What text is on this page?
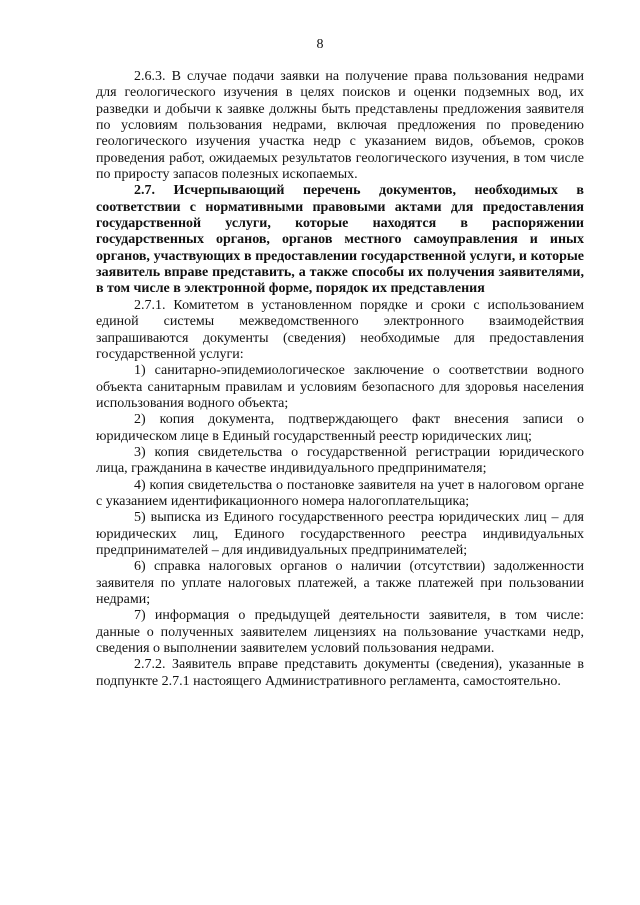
8

2.6.3. В случае подачи заявки на получение права пользования недрами для геологического изучения в целях поисков и оценки подземных вод, их разведки и добычи к заявке должны быть представлены предложения заявителя по условиям пользования недрами, включая предложения по проведению геологического изучения участка недр с указанием видов, объемов, сроков проведения работ, ожидаемых результатов геологического изучения, в том числе по приросту запасов полезных ископаемых.

2.7. Исчерпывающий перечень документов, необходимых в соответствии с нормативными правовыми актами для предоставления государственной услуги, которые находятся в распоряжении государственных органов, органов местного самоуправления и иных органов, участвующих в предоставлении государственной услуги, и которые заявитель вправе представить, а также способы их получения заявителями, в том числе в электронной форме, порядок их представления

2.7.1. Комитетом в установленном порядке и сроки с использованием единой системы межведомственного электронного взаимодействия запрашиваются документы (сведения) необходимые для предоставления государственной услуги:

1) санитарно-эпидемиологическое заключение о соответствии водного объекта санитарным правилам и условиям безопасного для здоровья населения использования водного объекта;

2) копия документа, подтверждающего факт внесения записи о юридическом лице в Единый государственный реестр юридических лиц;

3) копия свидетельства о государственной регистрации юридического лица, гражданина в качестве индивидуального предпринимателя;

4) копия свидетельства о постановке заявителя на учет в налоговом органе с указанием идентификационного номера налогоплательщика;

5) выписка из Единого государственного реестра юридических лиц – для юридических лиц, Единого государственного реестра индивидуальных предпринимателей – для индивидуальных предпринимателей;

6) справка налоговых органов о наличии (отсутствии) задолженности заявителя по уплате налоговых платежей, а также платежей при пользовании недрами;

7) информация о предыдущей деятельности заявителя, в том числе: данные о полученных заявителем лицензиях на пользование участками недр, сведения о выполнении заявителем условий пользования недрами.

2.7.2. Заявитель вправе представить документы (сведения), указанные в подпункте 2.7.1 настоящего Административного регламента, самостоятельно.
